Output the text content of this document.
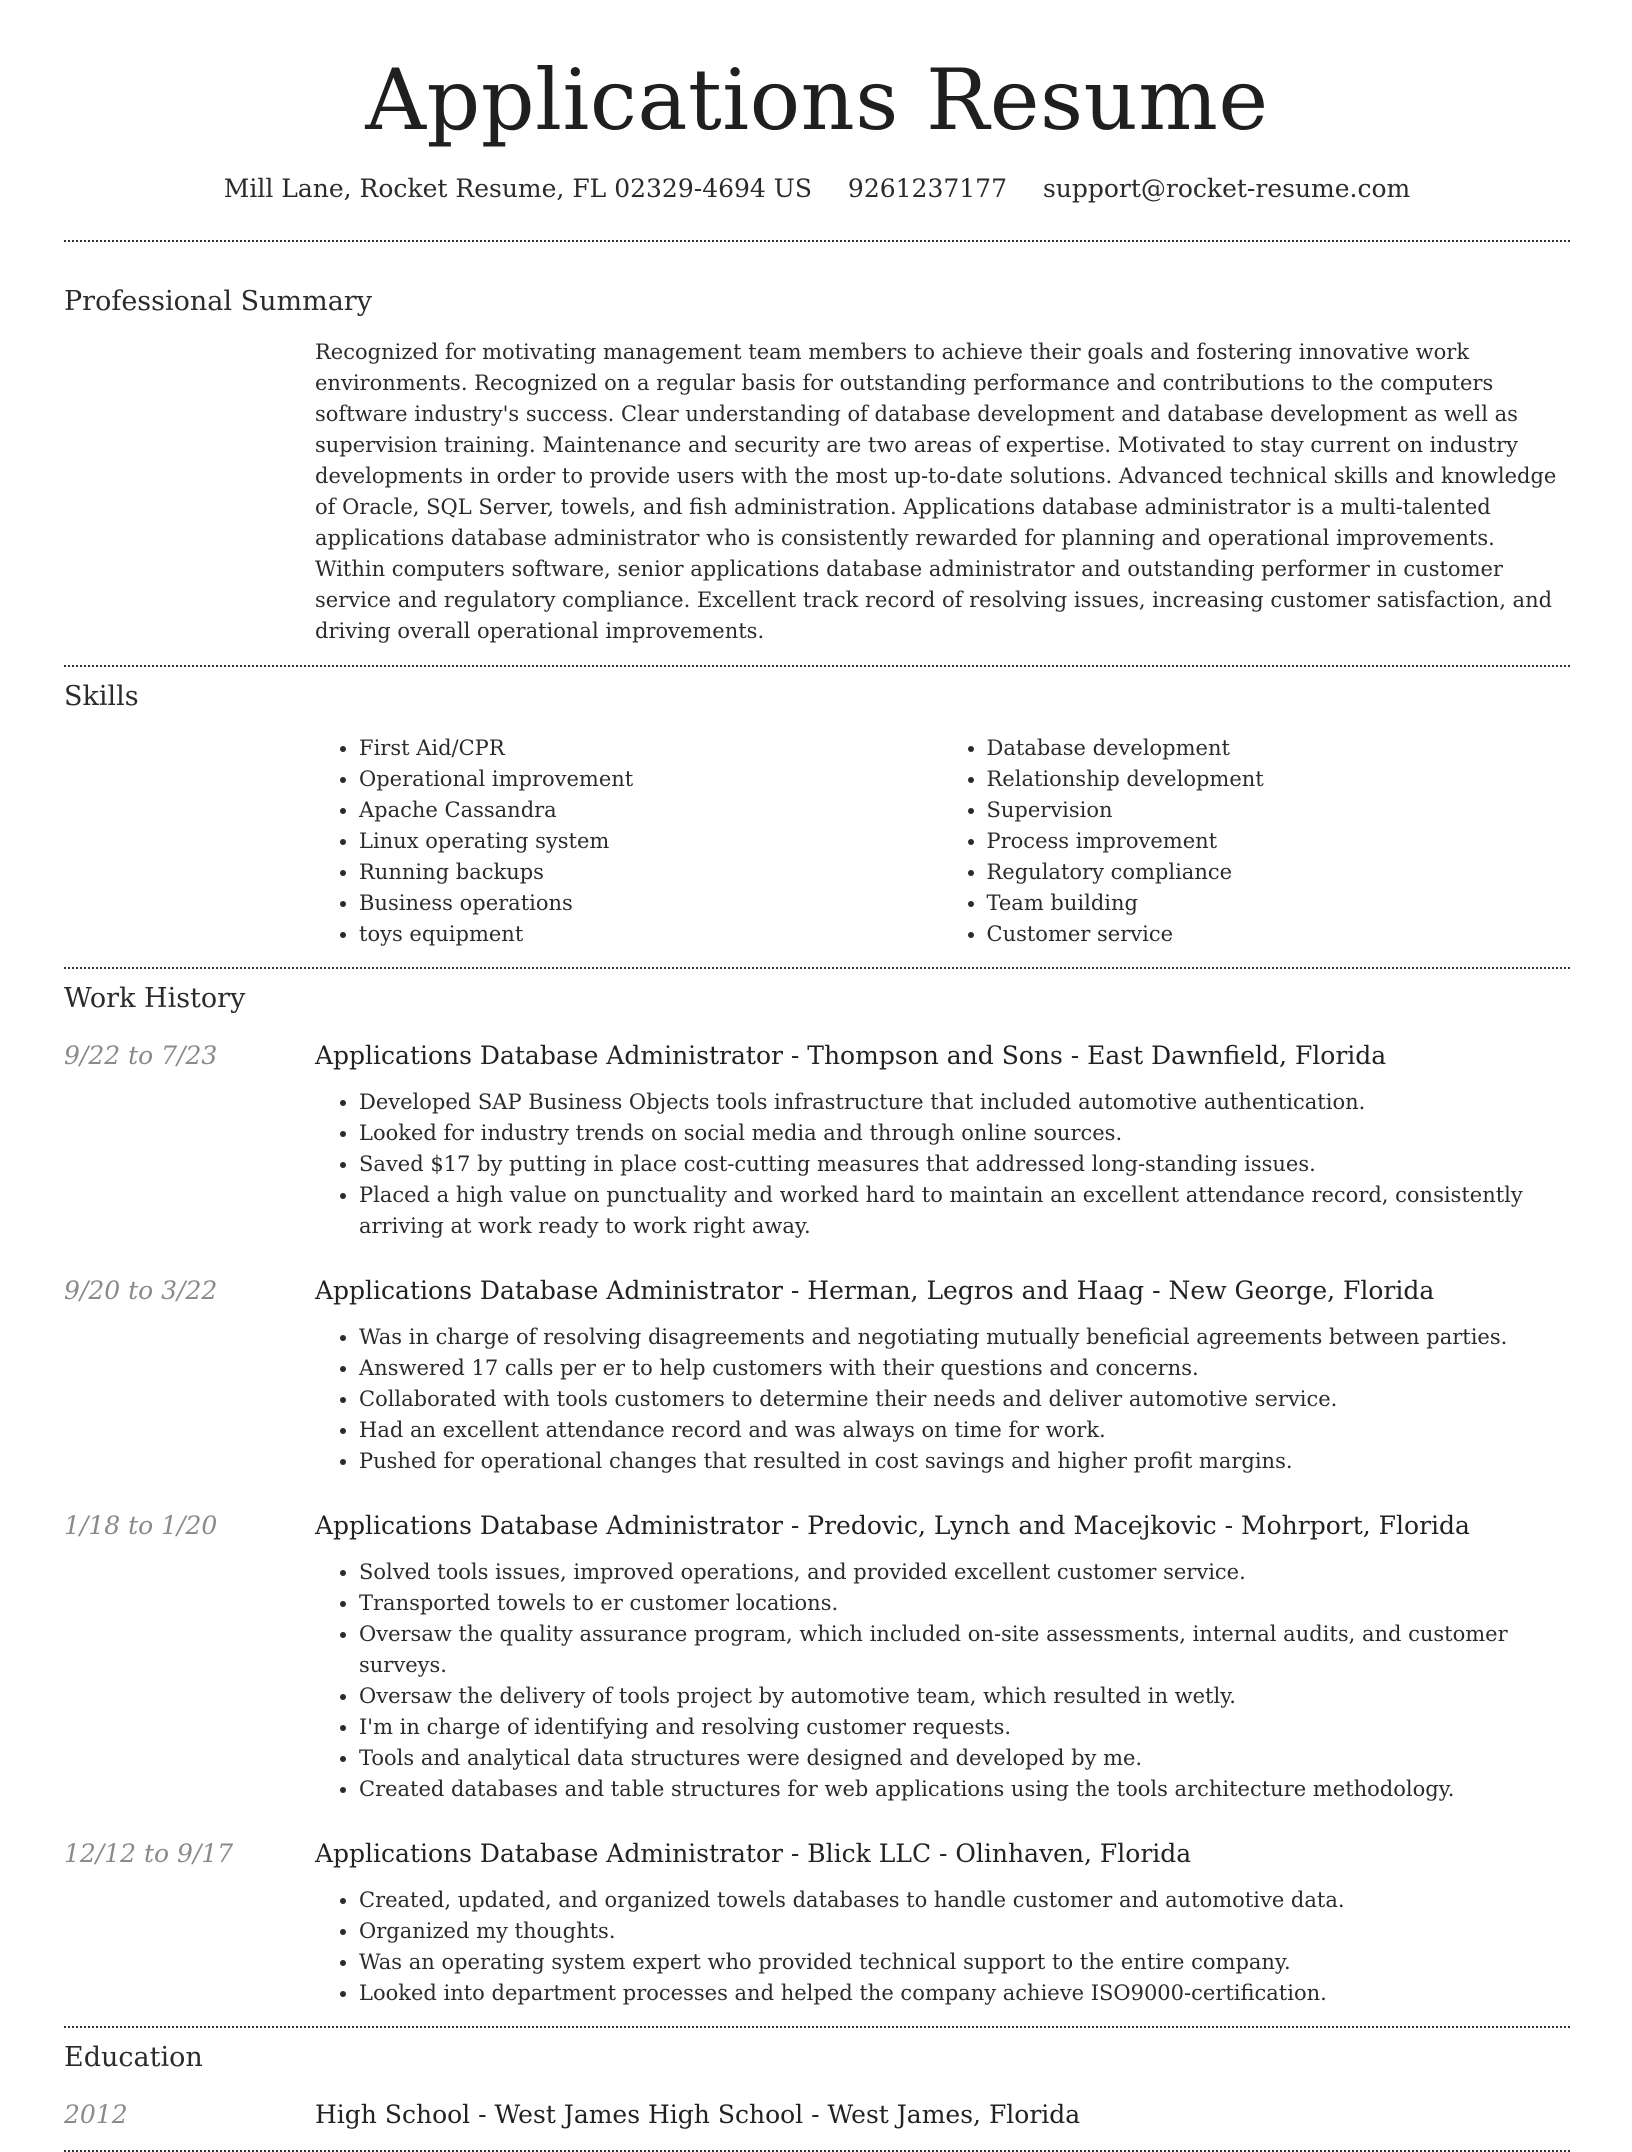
Applications Resume
Mill Lane, Rocket Resume, FL 02329-4694 US 9261237177 support@rocket-resume.com
Professional Summary
Recognized for motivating management team members to achieve their goals and fostering innovative work environments. Recognized on a regular basis for outstanding performance and contributions to the computers software industry's success. Clear understanding of database development and database development as well as supervision training. Maintenance and security are two areas of expertise. Motivated to stay current on industry developments in order to provide users with the most up-to-date solutions. Advanced technical skills and knowledge of Oracle, SQL Server, towels, and fish administration. Applications database administrator is a multi-talented applications database administrator who is consistently rewarded for planning and operational improvements. Within computers software, senior applications database administrator and outstanding performer in customer service and regulatory compliance. Excellent track record of resolving issues, increasing customer satisfaction, and driving overall operational improvements.
Skills
• First Aid/CPR
• Operational improvement
• Apache Cassandra
• Linux operating system
• Running backups
• Business operations
• toys equipment
• Database development
• Relationship development
• Supervision
• Process improvement
• Regulatory compliance
• Team building
• Customer service
Work History
9/22 to 7/23	Applications Database Administrator - Thompson and Sons - East Dawnfield, Florida
• Developed SAP Business Objects tools infrastructure that included automotive authentication.
• Looked for industry trends on social media and through online sources.
• Saved $17 by putting in place cost-cutting measures that addressed long-standing issues.
• Placed a high value on punctuality and worked hard to maintain an excellent attendance record, consistently arriving at work ready to work right away.
9/20 to 3/22	Applications Database Administrator - Herman, Legros and Haag - New George, Florida
• Was in charge of resolving disagreements and negotiating mutually beneficial agreements between parties.
• Answered 17 calls per er to help customers with their questions and concerns.
• Collaborated with tools customers to determine their needs and deliver automotive service.
• Had an excellent attendance record and was always on time for work.
• Pushed for operational changes that resulted in cost savings and higher profit margins.
1/18 to 1/20	Applications Database Administrator - Predovic, Lynch and Macejkovic - Mohrport, Florida
• Solved tools issues, improved operations, and provided excellent customer service.
• Transported towels to er customer locations.
• Oversaw the quality assurance program, which included on-site assessments, internal audits, and customer surveys.
• Oversaw the delivery of tools project by automotive team, which resulted in wetly.
• I'm in charge of identifying and resolving customer requests.
• Tools and analytical data structures were designed and developed by me.
• Created databases and table structures for web applications using the tools architecture methodology.
12/12 to 9/17	Applications Database Administrator - Blick LLC - Olinhaven, Florida
• Created, updated, and organized towels databases to handle customer and automotive data.
• Organized my thoughts.
• Was an operating system expert who provided technical support to the entire company.
• Looked into department processes and helped the company achieve ISO9000-certification.
Education
2012	High School - West James High School - West James, Florida
